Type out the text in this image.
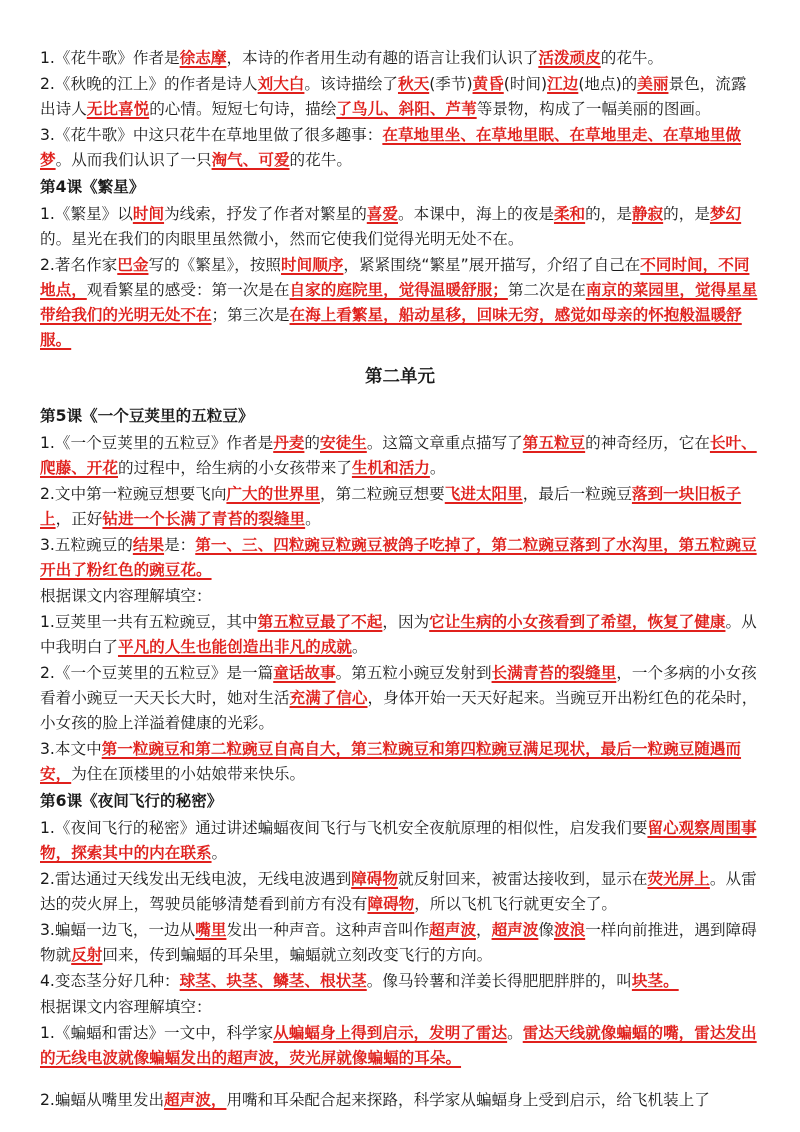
1.《花牛歌》作者是徐志摩，本诗的作者用生动有趣的语言让我们认识了活泼顽皮的花牛。
2.《秋晚的江上》的作者是诗人刘大白。该诗描绘了秋天(季节)黄昏(时间)江边(地点)的美丽景色，流露出诗人无比喜悦的心情。短短七句诗，描绘了鸟儿、斜阳、芦苇等景物，构成了一幅美丽的图画。
3.《花牛歌》中这只花牛在草地里做了很多趣事：在草地里坐、在草地里眠、在草地里走、在草地里做梦。从而我们认识了一只淘气、可爱的花牛。
第4课《繁星》
1.《繁星》以时间为线索，抒发了作者对繁星的喜爱。本课中，海上的夜是柔和的，是静寂的，是梦幻的。星光在我们的肉眼里虽然微小，然而它使我们觉得光明无处不在。
2.著名作家巴金写的《繁星》，按照时间顺序，紧紧围绕“繁星”展开描写，介绍了自己在不同时间，不同地点，观看繁星的感受：第一次是在自家的庭院里，觉得温暖舒服；第二次是在南京的菜园里，觉得星星带给我们的光明无处不在；第三次是在海上看繁星，船动星移，回味无穷，感觉如母亲的怀抱般温暖舒服。
第二单元
第5课《一个豆荚里的五粒豆》
1.《一个豆荚里的五粒豆》作者是丹麦的安徒生。这篇文章重点描写了第五粒豆的神奇经历，它在长叶、爬藤、开花的过程中，给生病的小女孩带来了生机和活力。
2.文中第一粒豌豆想要飞向广大的世界里，第二粒豌豆想要飞进太阳里，最后一粒豌豆落到一块旧板子上，正好钻进一个长满了青苔的裂缝里。
3.五粒豌豆的结果是：第一、三、四粒豌豆粒豌豆被鸽子吃掉了，第二粒豌豆落到了水沟里，第五粒豌豆开出了粉红色的豌豆花。
根据课文内容理解填空：
1.豆荚里一共有五粒豌豆，其中第五粒豆最了不起，因为它让生病的小女孩看到了希望，恢复了健康。从中我明白了平凡的人生也能创造出非凡的成就。
2.《一个豆荚里的五粒豆》是一篇童话故事。第五粒小豌豆发射到长满青苔的裂缝里，一个多病的小女孩看着小豌豆一天天长大时，她对生活充满了信心，身体开始一天天好起来。当豌豆开出粉红色的花朵时，小女孩的脸上洋溢着健康的光彩。
3.本文中第一粒豌豆和第二粒豌豆自高自大，第三粒豌豆和第四粒豌豆满足现状，最后一粒豌豆随遇而安，为住在顶楼里的小姑娘带来快乐。
第6课《夜间飞行的秘密》
1.《夜间飞行的秘密》通过讲述蝙蝠夜间飞行与飞机安全夜航原理的相似性，启发我们要留心观察周围事物，探索其中的内在联系。
2.雷达通过天线发出无线电波，无线电波遇到障碍物就反射回来，被雷达接收到，显示在荧光屏上。从雷达的荧火屏上，驾驶员能够清楚看到前方有没有障碍物，所以飞机飞行就更安全了。
3.蝙蝠一边飞，一边从嘴里发出一种声音。这种声音叫作超声波，超声波像波浪一样向前推进，遇到障碍物就反射回来，传到蝙蝠的耳朵里，蝙蝠就立刻改变飞行的方向。
4.变态茎分好几种：球茎、块茎、鳞茎、根状茎。像马铃薯和洋姜长得肥肥胖胖的，叫块茎。
根据课文内容理解填空：
1.《蝙蝠和雷达》一文中，科学家从蝙蝠身上得到启示，发明了雷达。雷达天线就像蝙蝠的嘴，雷达发出的无线电波就像蝙蝠发出的超声波，荧光屏就像蝙蝠的耳朵。
2.蝙蝠从嘴里发出超声波，用嘴和耳朵配合起来探路，科学家从蝙蝠身上受到启示，给飞机装上了
